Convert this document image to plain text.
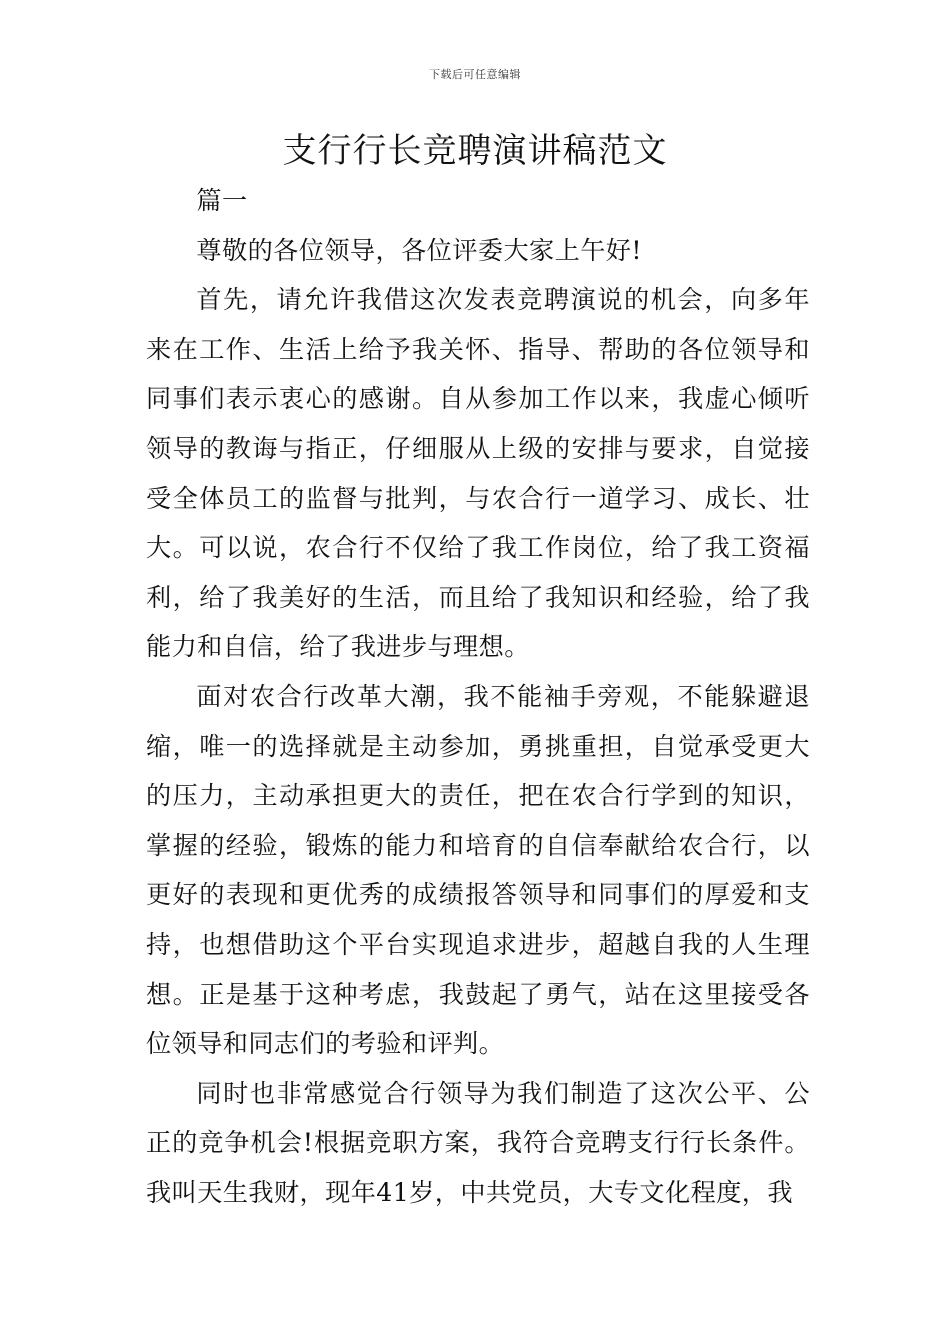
下载后可任意编辑
支行行长竞聘演讲稿范文

篇一

尊敬的各位领导，各位评委大家上午好!

首先，请允许我借这次发表竞聘演说的机会，向多年来在工作、生活上给予我关怀、指导、帮助的各位领导和同事们表示衷心的感谢。自从参加工作以来，我虚心倾听领导的教诲与指正，仔细服从上级的安排与要求，自觉接受全体员工的监督与批判，与农合行一道学习、成长、壮大。可以说，农合行不仅给了我工作岗位，给了我工资福利，给了我美好的生活，而且给了我知识和经验，给了我能力和自信，给了我进步与理想。

面对农合行改革大潮，我不能袖手旁观，不能躲避退缩，唯一的选择就是主动参加，勇挑重担，自觉承受更大的压力，主动承担更大的责任，把在农合行学到的知识，掌握的经验，锻炼的能力和培育的自信奉献给农合行，以更好的表现和更优秀的成绩报答领导和同事们的厚爱和支持，也想借助这个平台实现追求进步，超越自我的人生理想。正是基于这种考虑，我鼓起了勇气，站在这里接受各位领导和同志们的考验和评判。

同时也非常感觉合行领导为我们制造了这次公平、公正的竞争机会!根据竞职方案，我符合竞聘支行行长条件。我叫天生我财，现年41岁，中共党员，大专文化程度，我
